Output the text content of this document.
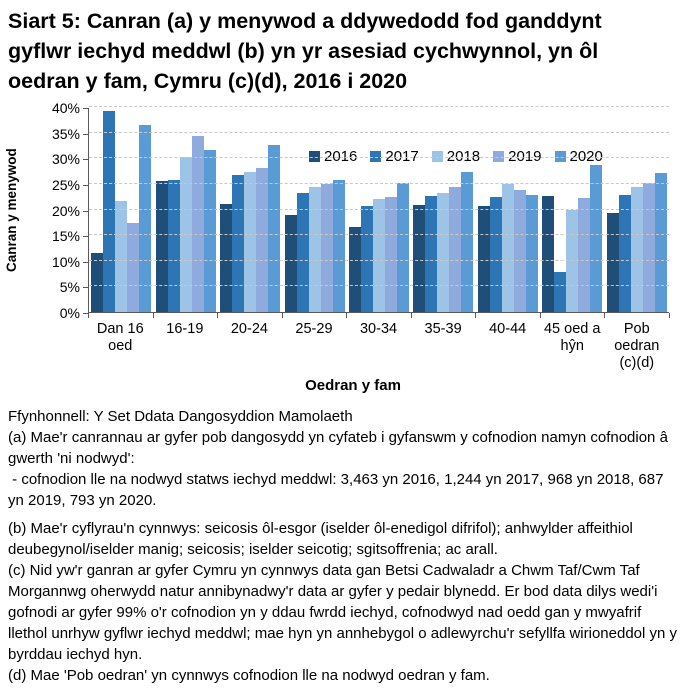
Siart 5: Canran (a) y menywod a ddywedodd fod ganddynt
gyflwr iechyd meddwl (b) yn yr asesiad cychwynnol, yn ôl
oedran y fam, Cymru (c)(d), 2016 i 2020
Canran y menywod	2016 2017 2018 2019 2020
Dan 16 oed
16-19	20-24	25-29	30-34	35-39	40-44	45 oed a hŷn
Pob oedran (c)(d)
Oedran y fam
0%
5%
10%
15%
20%
25%
30%
35%
40%

Ffynhonnell: Y Set Ddata Dangosyddion Mamolaeth

(a) Mae'r canrannau ar gyfer pob dangosydd yn cyfateb i gyfanswm y cofnodion namyn cofnodion â gwerth 'ni nodwyd':

- cofnodion lle na nodwyd statws iechyd meddwl: 3,463 yn 2016, 1,244 yn 2017, 968 yn 2018, 687 yn 2019, 793 yn 2020.

(b) Mae'r cyflyrau'n cynnwys: seicosis ôl-esgor (iselder ôl-enedigol difrifol); anhwylder affeithiol deubegynol/iselder manig; seicosis; iselder seicotig; sgitsoffrenia; ac arall.

(c) Nid yw'r ganran ar gyfer Cymru yn cynnwys data gan Betsi Cadwaladr a Chwm Taf/Cwm Taf Morgannwg oherwydd natur annibynadwy'r data ar gyfer y pedair blynedd. Er bod data dilys wedi'i gofnodi ar gyfer 99% o'r cofnodion yn y ddau fwrdd iechyd, cofnodwyd nad oedd gan y mwyafrif llethol unrhyw gyflwr iechyd meddwl; mae hyn yn annhebygol o adlewyrchu'r sefyllfa wirioneddol yn y byrddau iechyd hyn.

(d) Mae 'Pob oedran' yn cynnwys cofnodion lle na nodwyd oedran y fam.
